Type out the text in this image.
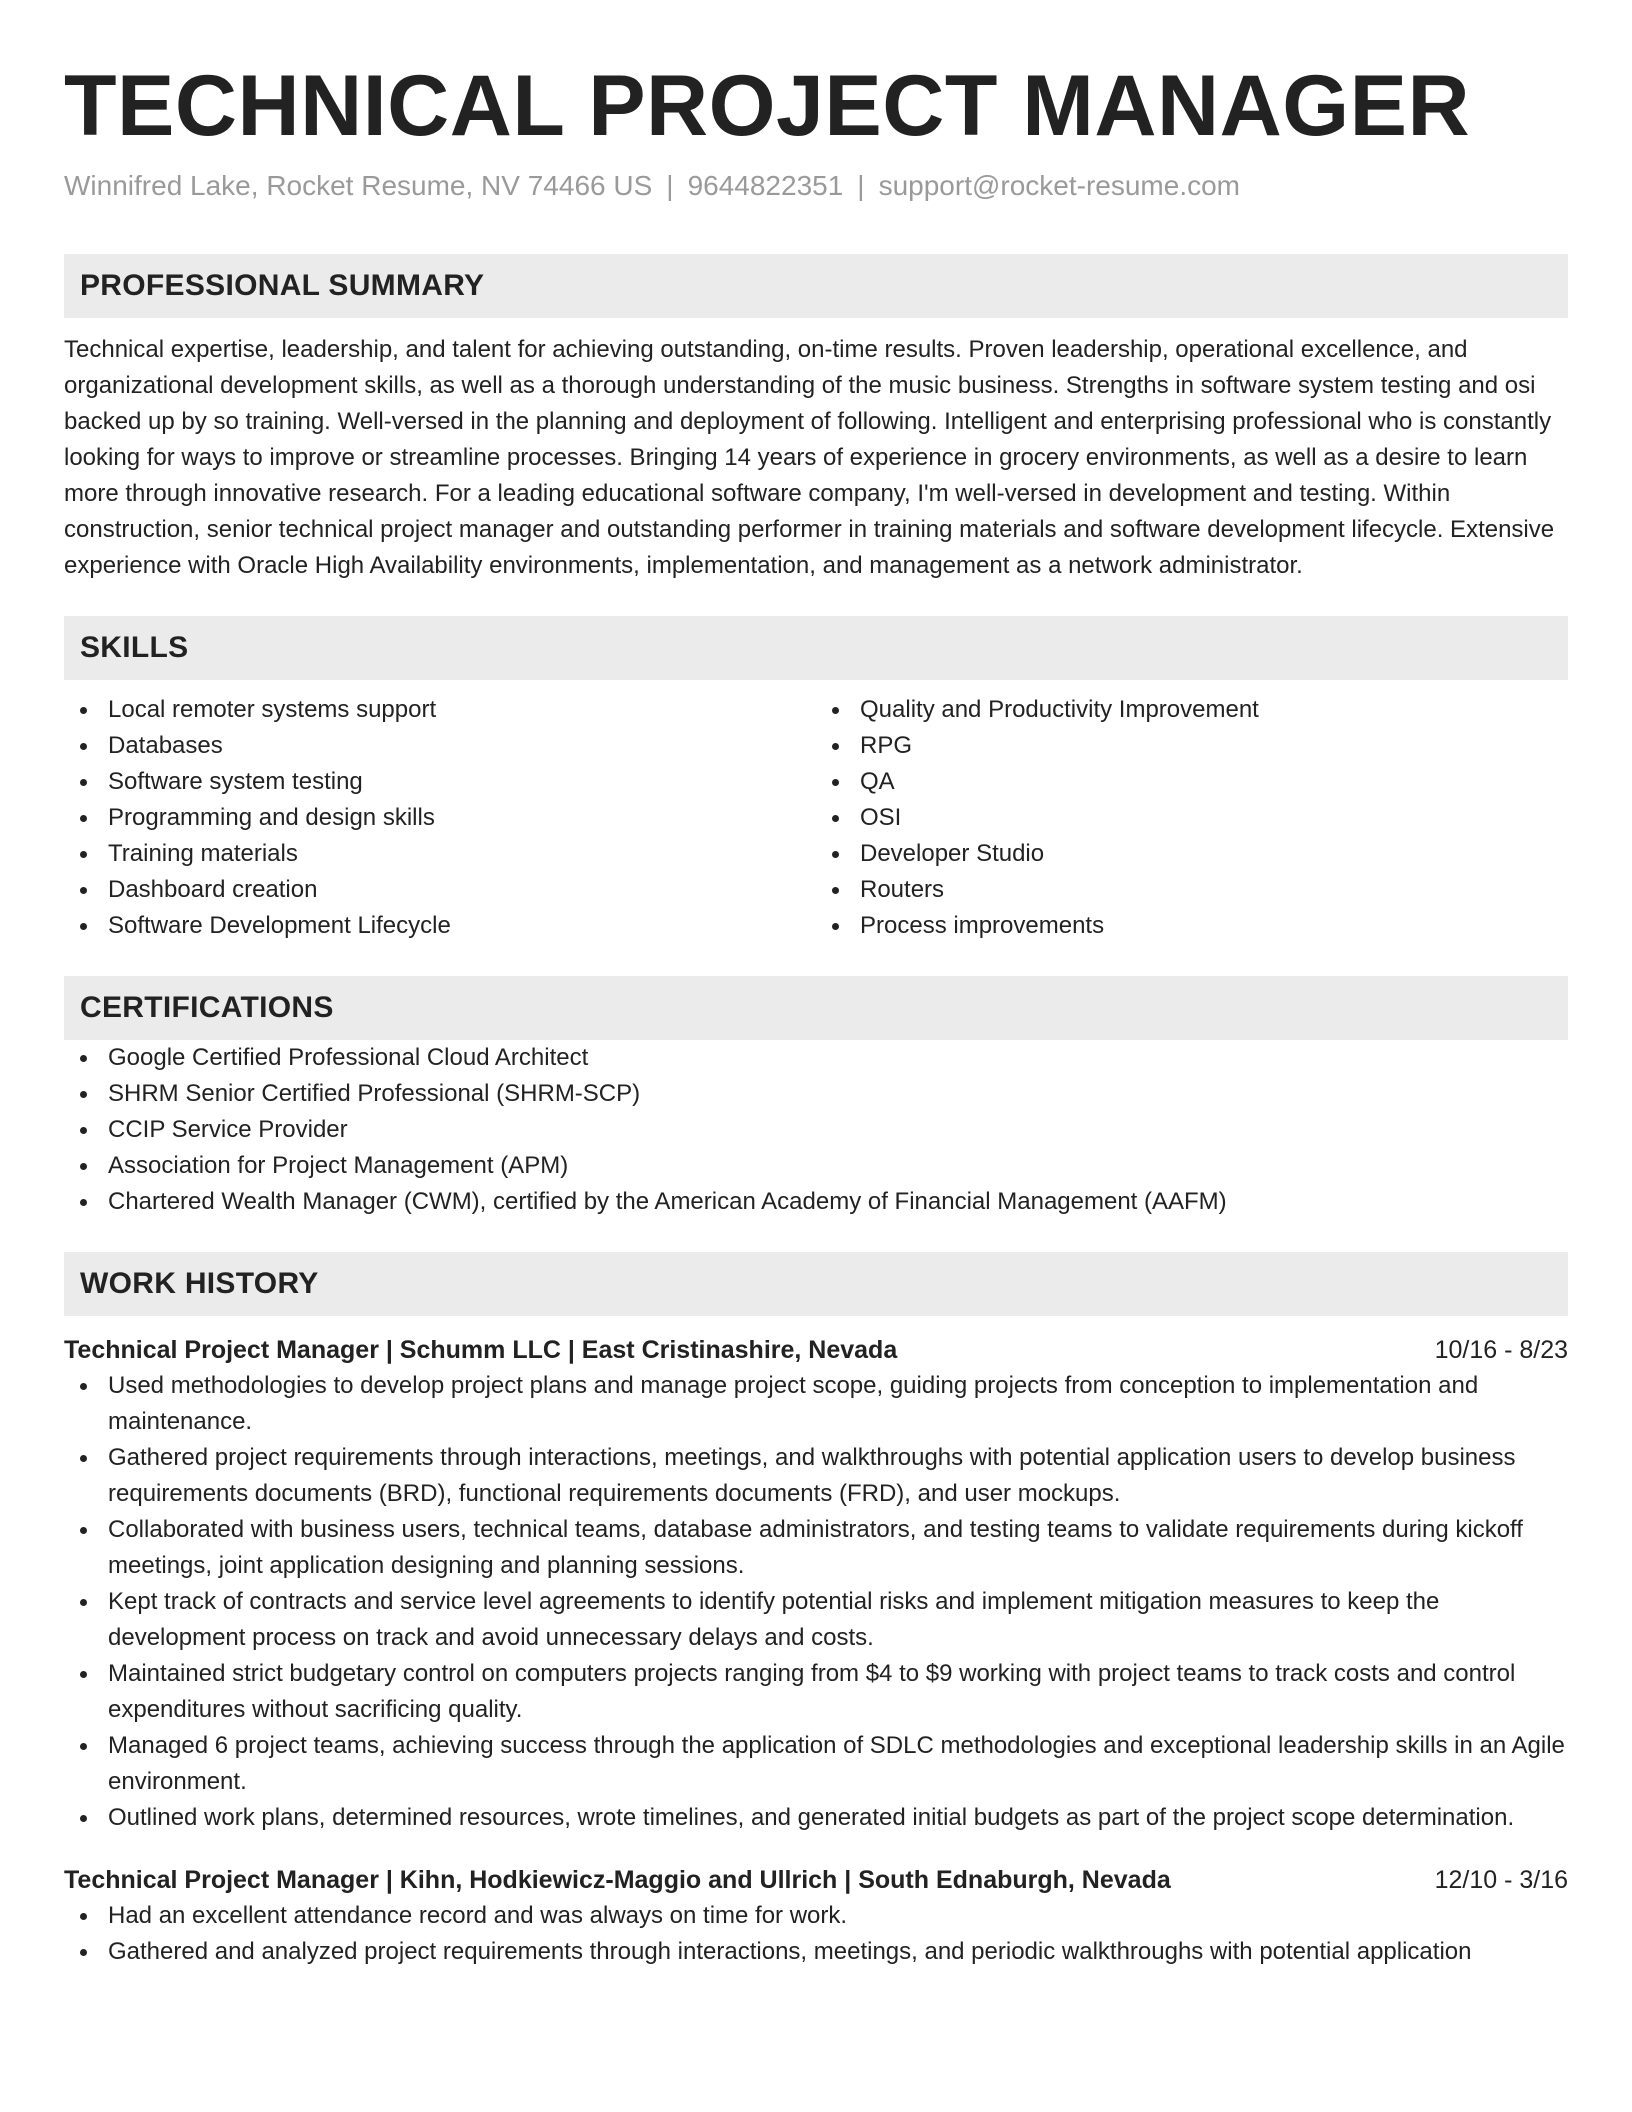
TECHNICAL PROJECT MANAGER
Winnifred Lake, Rocket Resume, NV 74466 US | 9644822351 | support@rocket-resume.com
PROFESSIONAL SUMMARY
Technical expertise, leadership, and talent for achieving outstanding, on-time results. Proven leadership, operational excellence, and organizational development skills, as well as a thorough understanding of the music business. Strengths in software system testing and osi backed up by so training. Well-versed in the planning and deployment of following. Intelligent and enterprising professional who is constantly looking for ways to improve or streamline processes. Bringing 14 years of experience in grocery environments, as well as a desire to learn more through innovative research. For a leading educational software company, I'm well-versed in development and testing. Within construction, senior technical project manager and outstanding performer in training materials and software development lifecycle. Extensive experience with Oracle High Availability environments, implementation, and management as a network administrator.
SKILLS
Local remoter systems support
Databases
Software system testing
Programming and design skills
Training materials
Dashboard creation
Software Development Lifecycle
Quality and Productivity Improvement
RPG
QA
OSI
Developer Studio
Routers
Process improvements
CERTIFICATIONS
Google Certified Professional Cloud Architect
SHRM Senior Certified Professional (SHRM-SCP)
CCIP Service Provider
Association for Project Management (APM)
Chartered Wealth Manager (CWM), certified by the American Academy of Financial Management (AAFM)
WORK HISTORY
Technical Project Manager | Schumm LLC | East Cristinashire, Nevada	10/16 - 8/23
Used methodologies to develop project plans and manage project scope, guiding projects from conception to implementation and maintenance.
Gathered project requirements through interactions, meetings, and walkthroughs with potential application users to develop business requirements documents (BRD), functional requirements documents (FRD), and user mockups.
Collaborated with business users, technical teams, database administrators, and testing teams to validate requirements during kickoff meetings, joint application designing and planning sessions.
Kept track of contracts and service level agreements to identify potential risks and implement mitigation measures to keep the development process on track and avoid unnecessary delays and costs.
Maintained strict budgetary control on computers projects ranging from $4 to $9 working with project teams to track costs and control expenditures without sacrificing quality.
Managed 6 project teams, achieving success through the application of SDLC methodologies and exceptional leadership skills in an Agile environment.
Outlined work plans, determined resources, wrote timelines, and generated initial budgets as part of the project scope determination.
Technical Project Manager | Kihn, Hodkiewicz-Maggio and Ullrich | South Ednaburgh, Nevada	12/10 - 3/16
Had an excellent attendance record and was always on time for work.
Gathered and analyzed project requirements through interactions, meetings, and periodic walkthroughs with potential application
